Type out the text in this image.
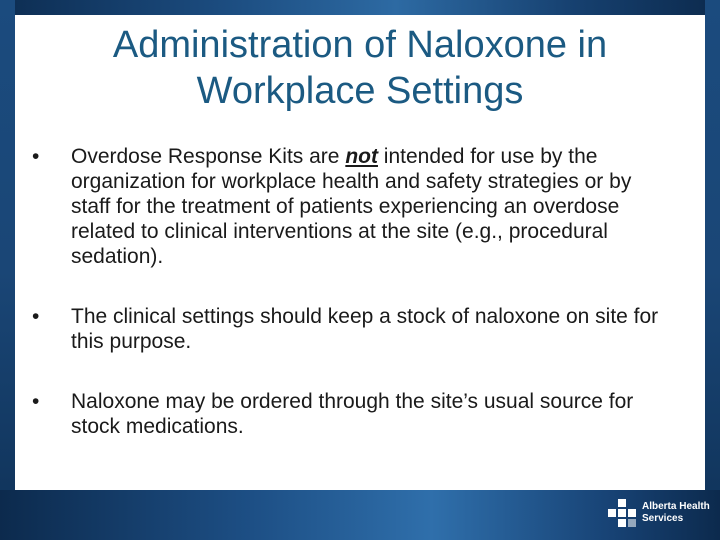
Administration of Naloxone in
Workplace Settings
• Overdose Response Kits are not intended for use by the organization for workplace health and safety strategies or by staff for the treatment of patients experiencing an overdose related to clinical interventions at the site (e.g., procedural sedation).
• The clinical settings should keep a stock of naloxone on site for this purpose.
• Naloxone may be ordered through the site’s usual source for stock medications.
Alberta Health
Services
